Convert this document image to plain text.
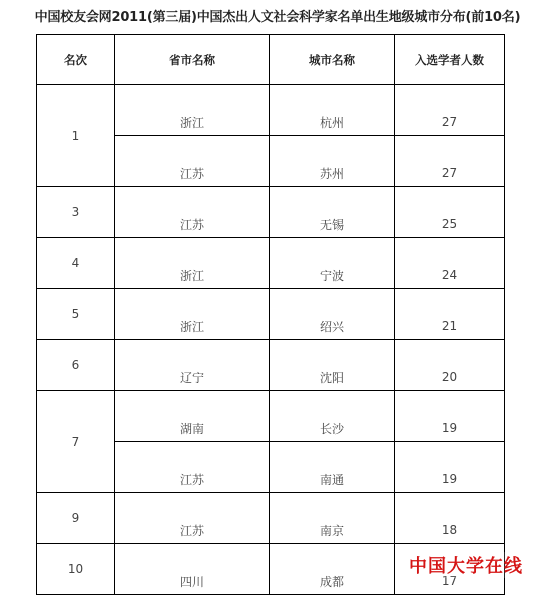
中国校友会网2011(第三届)中国杰出人文社会科学家名单出生地级城市分布(前10名)
名次	省市名称	城市名称	入选学者人数
1	浙江	杭州	27

	江苏	苏州	27

3	江苏	无锡	25

4	浙江	宁波	24

5	浙江	绍兴	21

6	辽宁	沈阳	20

7	湖南	长沙	19

	江苏	南通	19

9	江苏	南京	18

10	四川	成都	17

中国大学在线
